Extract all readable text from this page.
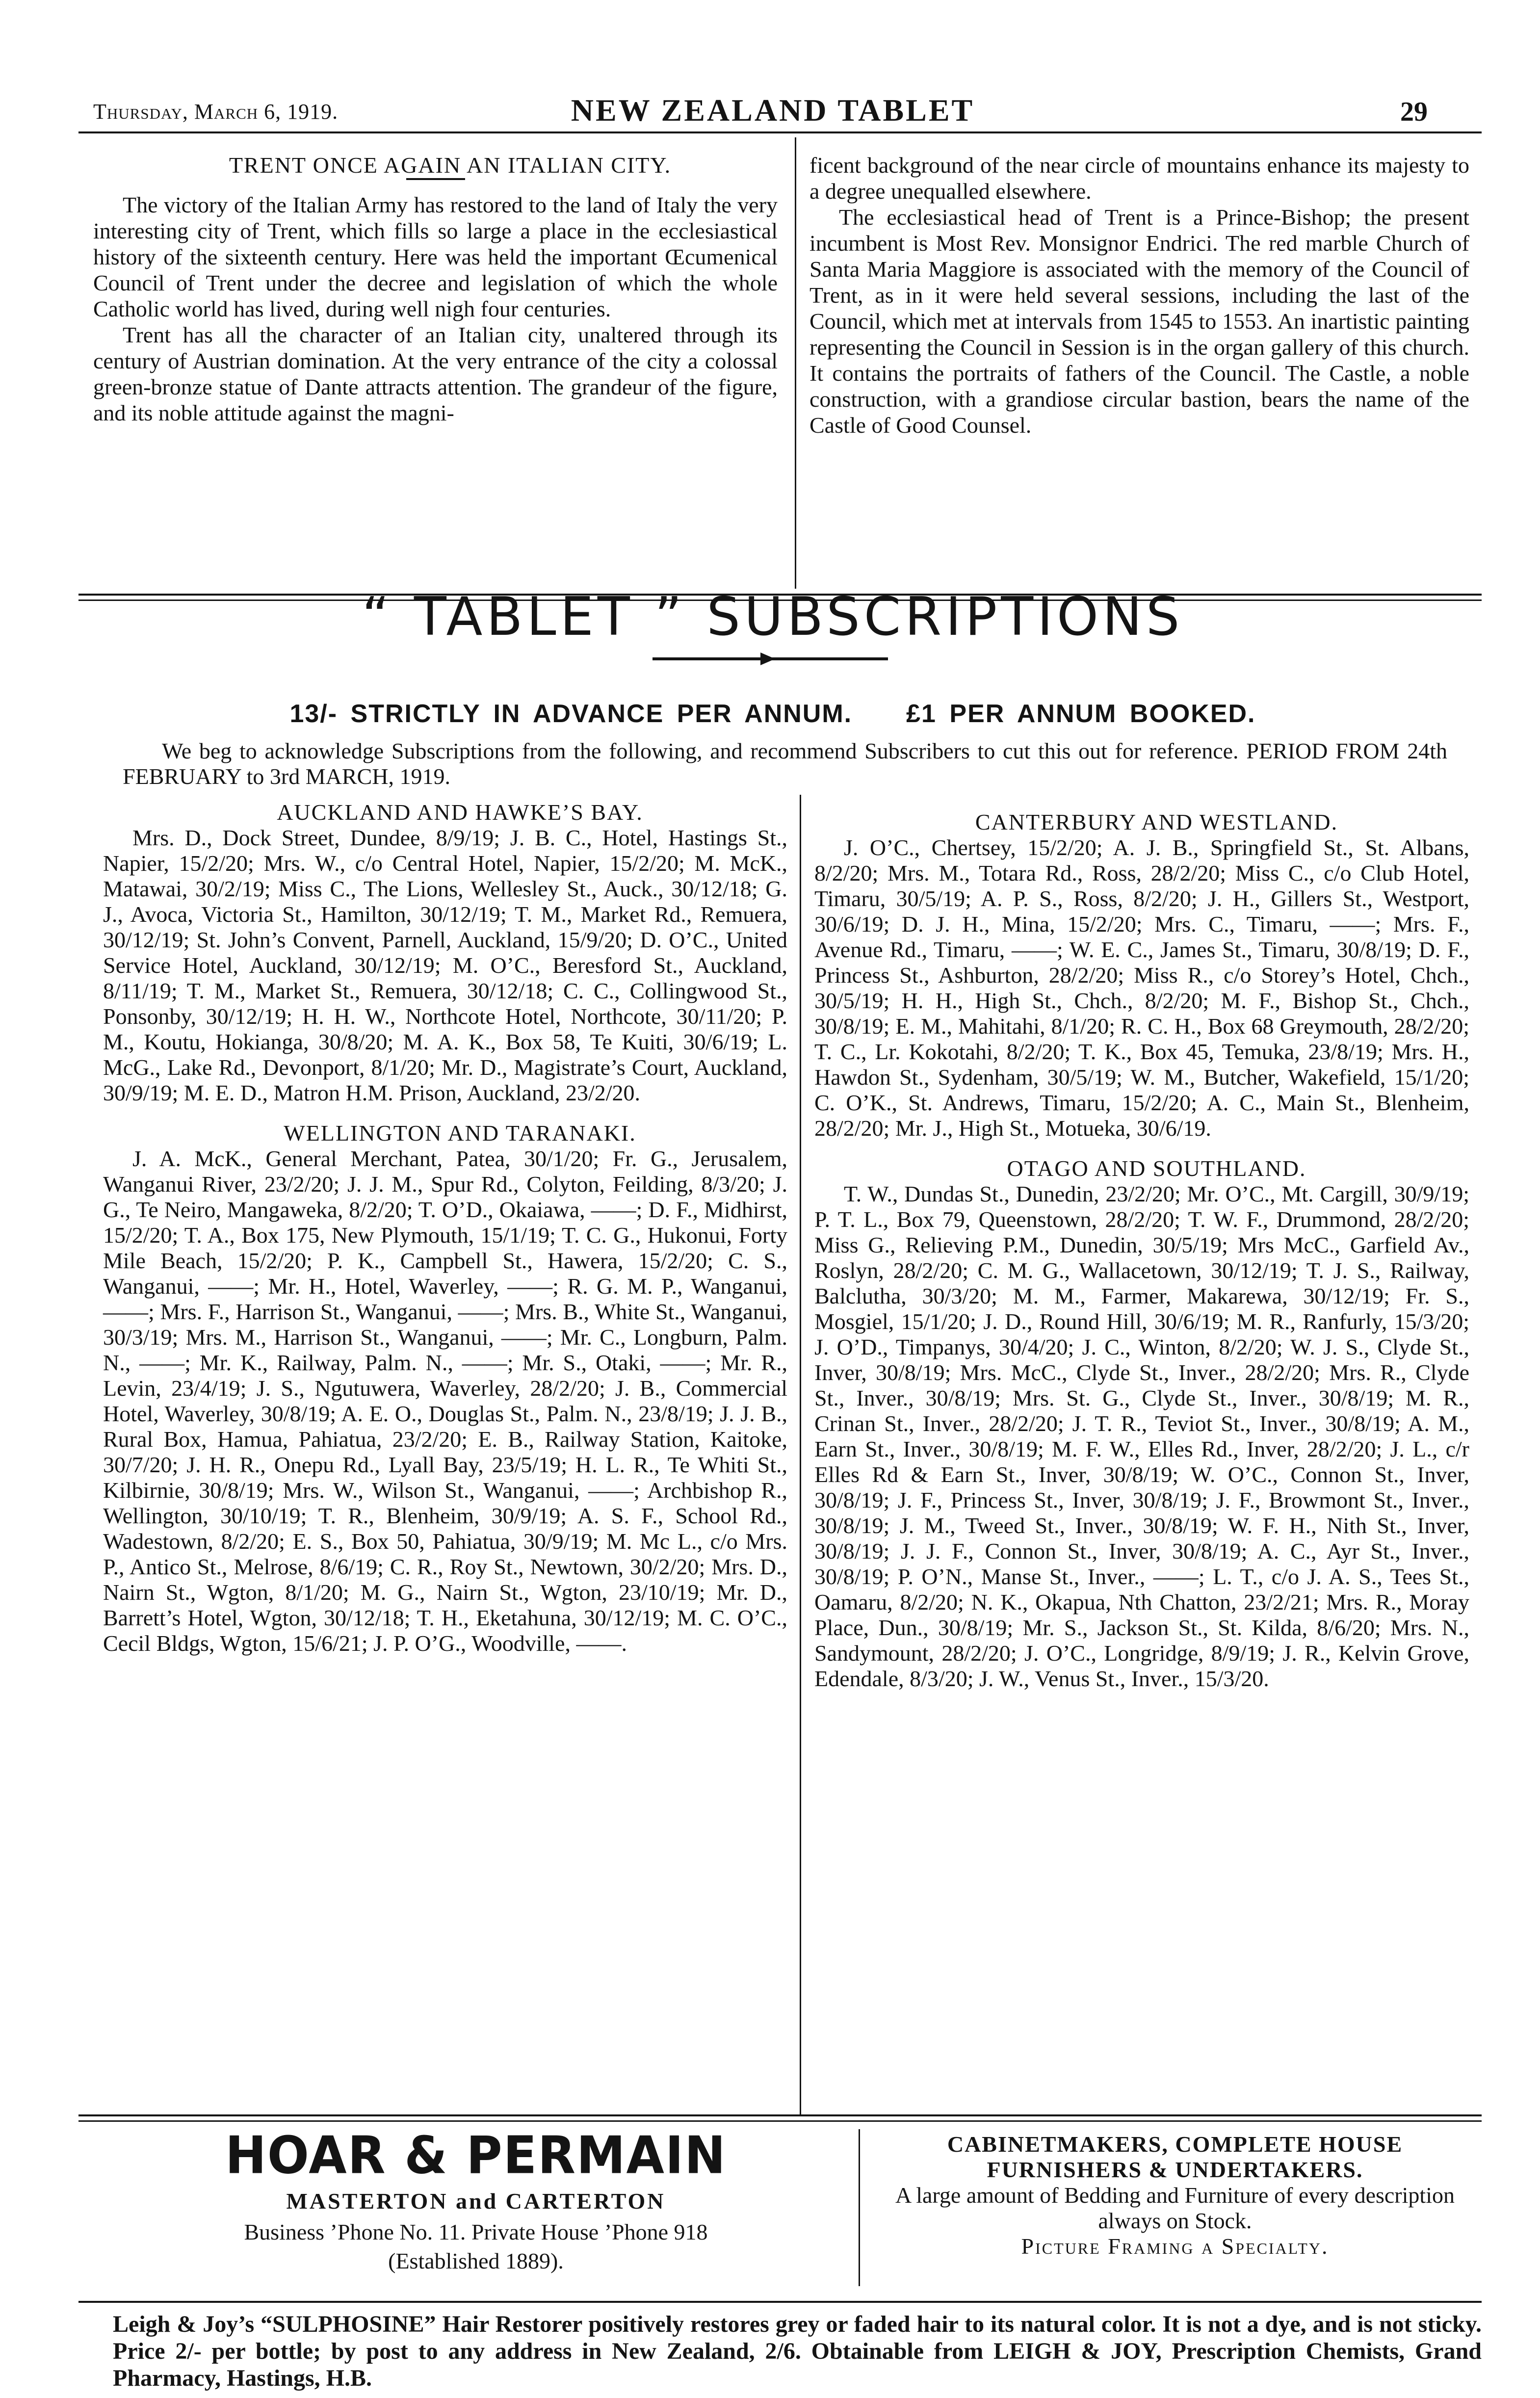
Thursday, March 6, 1919.	NEW ZEALAND TABLET	29

TRENT ONCE AGAIN AN ITALIAN CITY.

The victory of the Italian Army has restored to the land of Italy the very interesting city of Trent, which fills so large a place in the ecclesiastical history of the sixteenth century. Here was held the important Œcumenical Council of Trent under the decree and legislation of which the whole Catholic world has lived, during well nigh four centuries.

Trent has all the character of an Italian city, unaltered through its century of Austrian domination. At the very entrance of the city a colossal green-bronze statue of Dante attracts attention. The grandeur of the figure, and its noble attitude against the magni-

ficent background of the near circle of mountains enhance its majesty to a degree unequalled elsewhere.

The ecclesiastical head of Trent is a Prince-Bishop; the present incumbent is Most Rev. Monsignor Endrici. The red marble Church of Santa Maria Maggiore is associated with the memory of the Council of Trent, as in it were held several sessions, including the last of the Council, which met at intervals from 1545 to 1553. An inartistic painting representing the Council in Session is in the organ gallery of this church. It contains the portraits of fathers of the Council. The Castle, a noble construction, with a grandiose circular bastion, bears the name of the Castle of Good Counsel.

“ TABLET ” SUBSCRIPTIONS
13/- STRICTLY IN ADVANCE PER ANNUM. £1 PER ANNUM BOOKED.

We beg to acknowledge Subscriptions from the following, and recommend Subscribers to cut this out for reference. PERIOD FROM 24th FEBRUARY to 3rd MARCH, 1919.

AUCKLAND AND HAWKE’S BAY.

Mrs. D., Dock Street, Dundee, 8/9/19; J. B. C., Hotel, Hastings St., Napier, 15/2/20; Mrs. W., c/o Central Hotel, Napier, 15/2/20; M. McK., Matawai, 30/2/19; Miss C., The Lions, Wellesley St., Auck., 30/12/18; G. J., Avoca, Victoria St., Hamilton, 30/12/19; T. M., Market Rd., Remuera, 30/12/19; St. John’s Convent, Parnell, Auckland, 15/9/20; D. O’C., United Service Hotel, Auckland, 30/12/19; M. O’C., Beresford St., Auckland, 8/11/19; T. M., Market St., Remuera, 30/12/18; C. C., Collingwood St., Ponsonby, 30/12/19; H. H. W., Northcote Hotel, Northcote, 30/11/20; P. M., Koutu, Hokianga, 30/8/20; M. A. K., Box 58, Te Kuiti, 30/6/19; L. McG., Lake Rd., Devonport, 8/1/20; Mr. D., Magistrate’s Court, Auckland, 30/9/19; M. E. D., Matron H.M. Prison, Auckland, 23/2/20.

WELLINGTON AND TARANAKI.

J. A. McK., General Merchant, Patea, 30/1/20; Fr. G., Jerusalem, Wanganui River, 23/2/20; J. J. M., Spur Rd., Colyton, Feilding, 8/3/20; J. G., Te Neiro, Mangaweka, 8/2/20; T. O’D., Okaiawa, ——; D. F., Midhirst, 15/2/20; T. A., Box 175, New Plymouth, 15/1/19; T. C. G., Hukonui, Forty Mile Beach, 15/2/20; P. K., Campbell St., Hawera, 15/2/20; C. S., Wanganui, ——; Mr. H., Hotel, Waverley, ——; R. G. M. P., Wanganui, ——; Mrs. F., Harrison St., Wanganui, ——; Mrs. B., White St., Wanganui, 30/3/19; Mrs. M., Harrison St., Wanganui, ——; Mr. C., Longburn, Palm. N., ——; Mr. K., Railway, Palm. N., ——; Mr. S., Otaki, ——; Mr. R., Levin, 23/4/19; J. S., Ngutuwera, Waverley, 28/2/20; J. B., Commercial Hotel, Waverley, 30/8/19; A. E. O., Douglas St., Palm. N., 23/8/19; J. J. B., Rural Box, Hamua, Pahiatua, 23/2/20; E. B., Railway Station, Kaitoke, 30/7/20; J. H. R., Onepu Rd., Lyall Bay, 23/5/19; H. L. R., Te Whiti St., Kilbirnie, 30/8/19; Mrs. W., Wilson St., Wanganui, ——; Archbishop R., Wellington, 30/10/19; T. R., Blenheim, 30/9/19; A. S. F., School Rd., Wadestown, 8/2/20; E. S., Box 50, Pahiatua, 30/9/19; M. Mc L., c/o Mrs. P., Antico St., Melrose, 8/6/19; C. R., Roy St., Newtown, 30/2/20; Mrs. D., Nairn St., Wgton, 8/1/20; M. G., Nairn St., Wgton, 23/10/19; Mr. D., Barrett’s Hotel, Wgton, 30/12/18; T. H., Eketahuna, 30/12/19; M. C. O’C., Cecil Bldgs, Wgton, 15/6/21; J. P. O’G., Woodville, ——.

CANTERBURY AND WESTLAND.

J. O’C., Chertsey, 15/2/20; A. J. B., Springfield St., St. Albans, 8/2/20; Mrs. M., Totara Rd., Ross, 28/2/20; Miss C., c/o Club Hotel, Timaru, 30/5/19; A. P. S., Ross, 8/2/20; J. H., Gillers St., Westport, 30/6/19; D. J. H., Mina, 15/2/20; Mrs. C., Timaru, ——; Mrs. F., Avenue Rd., Timaru, ——; W. E. C., James St., Timaru, 30/8/19; D. F., Princess St., Ashburton, 28/2/20; Miss R., c/o Storey’s Hotel, Chch., 30/5/19; H. H., High St., Chch., 8/2/20; M. F., Bishop St., Chch., 30/8/19; E. M., Mahitahi, 8/1/20; R. C. H., Box 68 Greymouth, 28/2/20; T. C., Lr. Kokotahi, 8/2/20; T. K., Box 45, Temuka, 23/8/19; Mrs. H., Hawdon St., Sydenham, 30/5/19; W. M., Butcher, Wakefield, 15/1/20; C. O’K., St. Andrews, Timaru, 15/2/20; A. C., Main St., Blenheim, 28/2/20; Mr. J., High St., Motueka, 30/6/19.

OTAGO AND SOUTHLAND.

T. W., Dundas St., Dunedin, 23/2/20; Mr. O’C., Mt. Cargill, 30/9/19; P. T. L., Box 79, Queenstown, 28/2/20; T. W. F., Drummond, 28/2/20; Miss G., Relieving P.M., Dunedin, 30/5/19; Mrs McC., Garfield Av., Roslyn, 28/2/20; C. M. G., Wallacetown, 30/12/19; T. J. S., Railway, Balclutha, 30/3/20; M. M., Farmer, Makarewa, 30/12/19; Fr. S., Mosgiel, 15/1/20; J. D., Round Hill, 30/6/19; M. R., Ranfurly, 15/3/20; J. O’D., Timpanys, 30/4/20; J. C., Winton, 8/2/20; W. J. S., Clyde St., Inver, 30/8/19; Mrs. McC., Clyde St., Inver., 28/2/20; Mrs. R., Clyde St., Inver., 30/8/19; Mrs. St. G., Clyde St., Inver., 30/8/19; M. R., Crinan St., Inver., 28/2/20; J. T. R., Teviot St., Inver., 30/8/19; A. M., Earn St., Inver., 30/8/19; M. F. W., Elles Rd., Inver, 28/2/20; J. L., c/r Elles Rd & Earn St., Inver, 30/8/19; W. O’C., Connon St., Inver, 30/8/19; J. F., Princess St., Inver, 30/8/19; J. F., Browmont St., Inver., 30/8/19; J. M., Tweed St., Inver., 30/8/19; W. F. H., Nith St., Inver, 30/8/19; J. J. F., Connon St., Inver, 30/8/19; A. C., Ayr St., Inver., 30/8/19; P. O’N., Manse St., Inver., ——; L. T., c/o J. A. S., Tees St., Oamaru, 8/2/20; N. K., Okapua, Nth Chatton, 23/2/21; Mrs. R., Moray Place, Dun., 30/8/19; Mr. S., Jackson St., St. Kilda, 8/6/20; Mrs. N., Sandymount, 28/2/20; J. O’C., Longridge, 8/9/19; J. R., Kelvin Grove, Edendale, 8/3/20; J. W., Venus St., Inver., 15/3/20.

HOAR & PERMAIN
MASTERTON and CARTERTON
Business ’Phone No. 11. Private House ’Phone 918
(Established 1889).
CABINETMAKERS, COMPLETE HOUSE
FURNISHERS & UNDERTAKERS.
A large amount of Bedding and Furniture of every description always on Stock.
Picture Framing a Specialty.
Leigh & Joy’s “SULPHOSINE” Hair Restorer positively restores grey or faded hair to its natural color. It is not a dye, and is not sticky. Price 2/- per bottle; by post to any address in New Zealand, 2/6. Obtainable from LEIGH & JOY, Prescription Chemists, Grand Pharmacy, Hastings, H.B.
